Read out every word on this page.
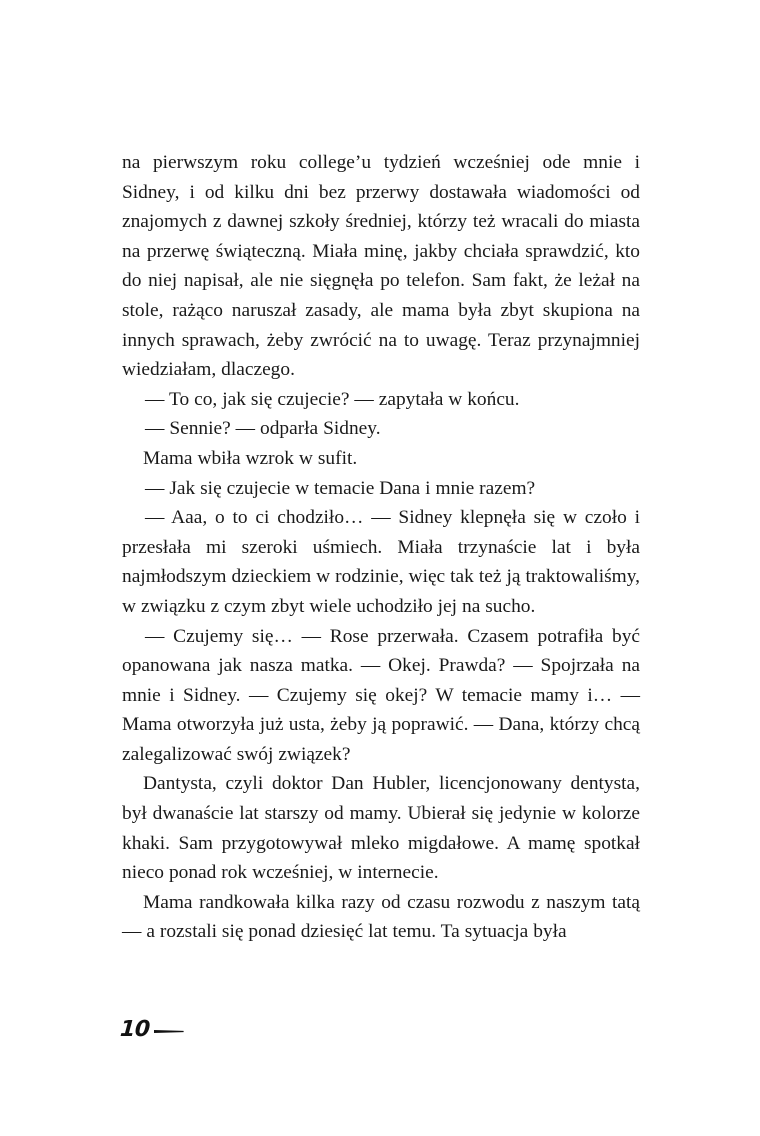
na pierwszym roku college’u tydzień wcześniej ode mnie i Sidney, i od kilku dni bez przerwy dostawała wiadomości od znajomych z dawnej szkoły średniej, którzy też wracali do miasta na przerwę świąteczną. Miała minę, jakby chciała sprawdzić, kto do niej napisał, ale nie sięgnęła po telefon. Sam fakt, że leżał na stole, rażąco naruszał zasady, ale mama była zbyt skupiona na innych sprawach, żeby zwrócić na to uwagę. Teraz przynajmniej wiedziałam, dlaczego.

— To co, jak się czujecie? — zapytała w końcu.

— Sennie? — odparła Sidney.

Mama wbiła wzrok w sufit.

— Jak się czujecie w temacie Dana i mnie razem?

— Aaa, o to ci chodziło… — Sidney klepnęła się w czoło i przesłała mi szeroki uśmiech. Miała trzynaście lat i była najmłodszym dzieckiem w rodzinie, więc tak też ją traktowaliśmy, w związku z czym zbyt wiele uchodziło jej na sucho.

— Czujemy się… — Rose przerwała. Czasem potrafiła być opanowana jak nasza matka. — Okej. Prawda? — Spojrzała na mnie i Sidney. — Czujemy się okej? W temacie mamy i… — Mama otworzyła już usta, żeby ją poprawić. — Dana, którzy chcą zalegalizować swój związek?

Dantysta, czyli doktor Dan Hubler, licencjonowany dentysta, był dwanaście lat starszy od mamy. Ubierał się jedynie w kolorze khaki. Sam przygotowywał mleko migdałowe. A mamę spotkał nieco ponad rok wcześniej, w internecie.

Mama randkowała kilka razy od czasu rozwodu z naszym tatą — a rozstali się ponad dziesięć lat temu. Ta sytuacja była

10
